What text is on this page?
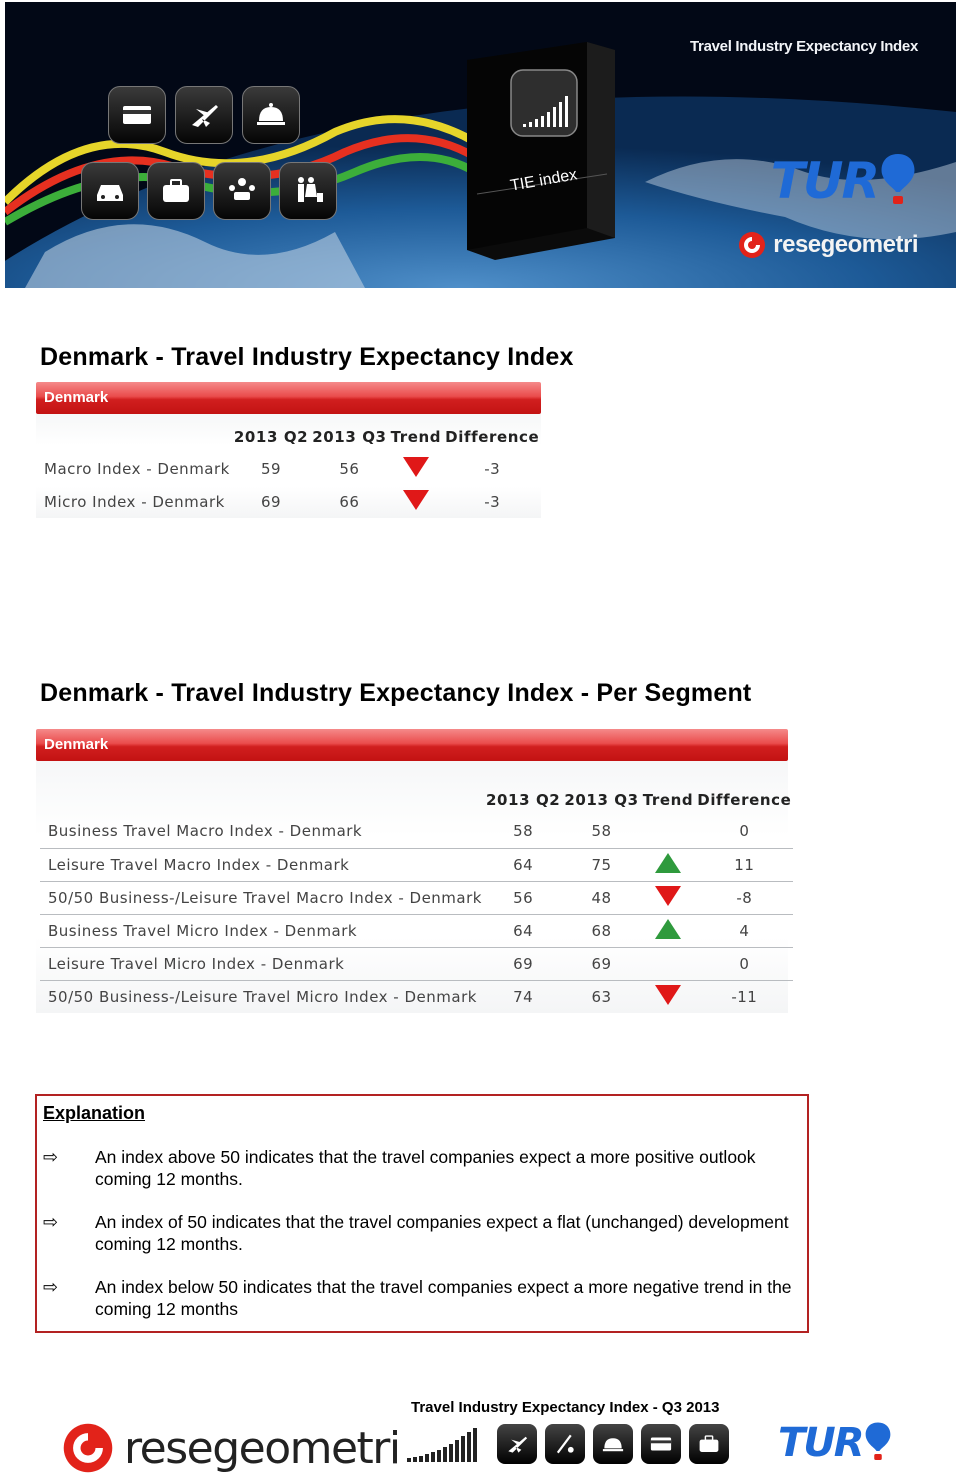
TIE index
Travel Industry Expectancy Index
TUR
resegeometri
Denmark - Travel Industry Expectancy Index
Denmark
	2013 Q2	2013 Q3	Trend	Difference
Macro Index - Denmark	59	56		-3
Micro Index - Denmark	69	66		-3
Denmark - Travel Industry Expectancy Index - Per Segment
Denmark
	2013 Q2	2013 Q3	Trend	Difference
Business Travel Macro Index - Denmark	58	58		0
Leisure Travel Macro Index - Denmark	64	75		11
50/50 Business-/Leisure Travel Macro Index - Denmark	56	48		-8
Business Travel Micro Index - Denmark	64	68		4
Leisure Travel Micro Index - Denmark	69	69		0
50/50 Business-/Leisure Travel Micro Index - Denmark	74	63		-11
Explanation
⇨	An index above 50 indicates that the travel companies expect a more positive outlook coming 12 months.
⇨	An index of 50 indicates that the travel companies expect a flat (unchanged) development coming 12 months.
⇨	An index below 50 indicates that the travel companies expect a more negative trend in the coming 12 months
Travel Industry Expectancy Index - Q3 2013
resegeometri	TUR
